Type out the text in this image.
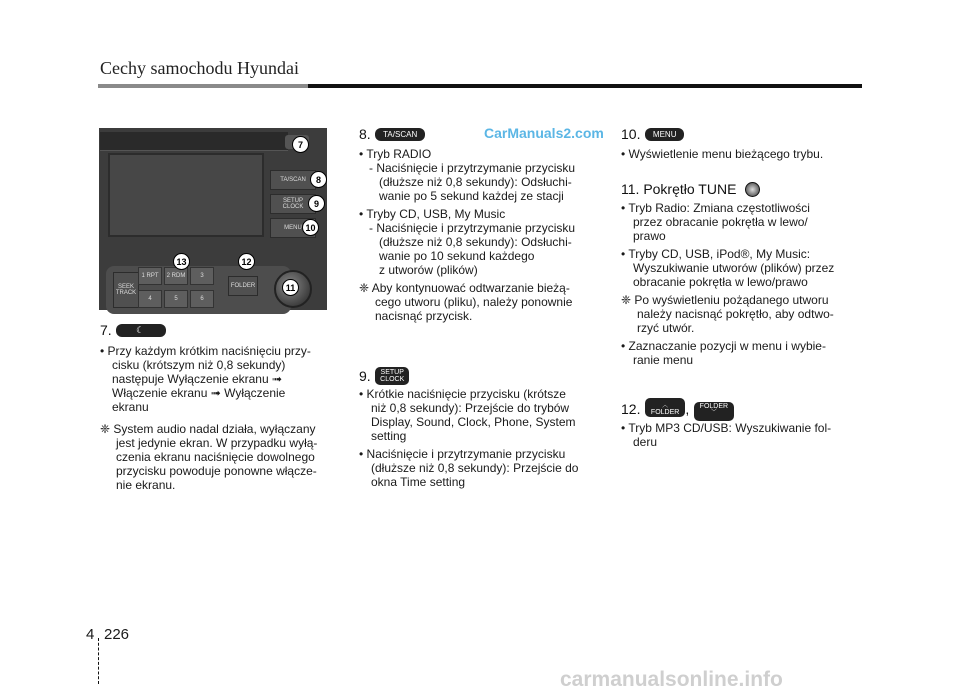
Cechy samochodu Hyundai
TA/SCAN
SETUP
CLOCK
MENU
SEEK
TRACK
1 RPT	2 RDM	3
4	5	6
FOLDER
7
8
9
10
11
12
13
7.	☾
• Przy każdym krótkim naciśnięciu przy-
cisku (krótszym niż 0,8 sekundy)
następuje Wyłączenie ekranu ➟
Włączenie ekranu ➟ Wyłączenie
ekranu
❈ System audio nadal działa, wyłączany
jest jedynie ekran. W przypadku wyłą-
czenia ekranu naciśnięcie dowolnego
przycisku powoduje ponowne włącze-
nie ekranu.
8. TA/SCAN	CarManuals2.com
• Tryb RADIO
- Naciśnięcie i przytrzymanie przycisku
(dłuższe niż 0,8 sekundy): Odsłuchi-
wanie po 5 sekund każdej ze stacji
• Tryby CD, USB, My Music
- Naciśnięcie i przytrzymanie przycisku
(dłuższe niż 0,8 sekundy): Odsłuchi-
wanie po 10 sekund każdego
z utworów (plików)
❈ Aby kontynuować odtwarzanie bieżą-
cego utworu (pliku), należy ponownie
nacisnąć przycisk.
9. SETUP
CLOCK
• Krótkie naciśnięcie przycisku (krótsze
niż 0,8 sekundy): Przejście do trybów
Display, Sound, Clock, Phone, System
setting
• Naciśnięcie i przytrzymanie przycisku
(dłuższe niż 0,8 sekundy): Przejście do
okna Time setting
10. MENU
• Wyświetlenie menu bieżącego trybu.
11. Pokrętło TUNE
• Tryb Radio: Zmiana częstotliwości
przez obracanie pokrętła w lewo/
prawo
• Tryby CD, USB, iPod®, My Music:
Wyszukiwanie utworów (plików) przez
obracanie pokrętła w lewo/prawo
❈ Po wyświetleniu pożądanego utworu
należy nacisnąć pokrętło, aby odtwo-
rzyć utwór.
• Zaznaczanie pozycji w menu i wybie-
ranie menu
12.	︿
FOLDER , FOLDER
﹀
• Tryb MP3 CD/USB: Wyszukiwanie fol-
deru
4 226
carmanualsonline.info
